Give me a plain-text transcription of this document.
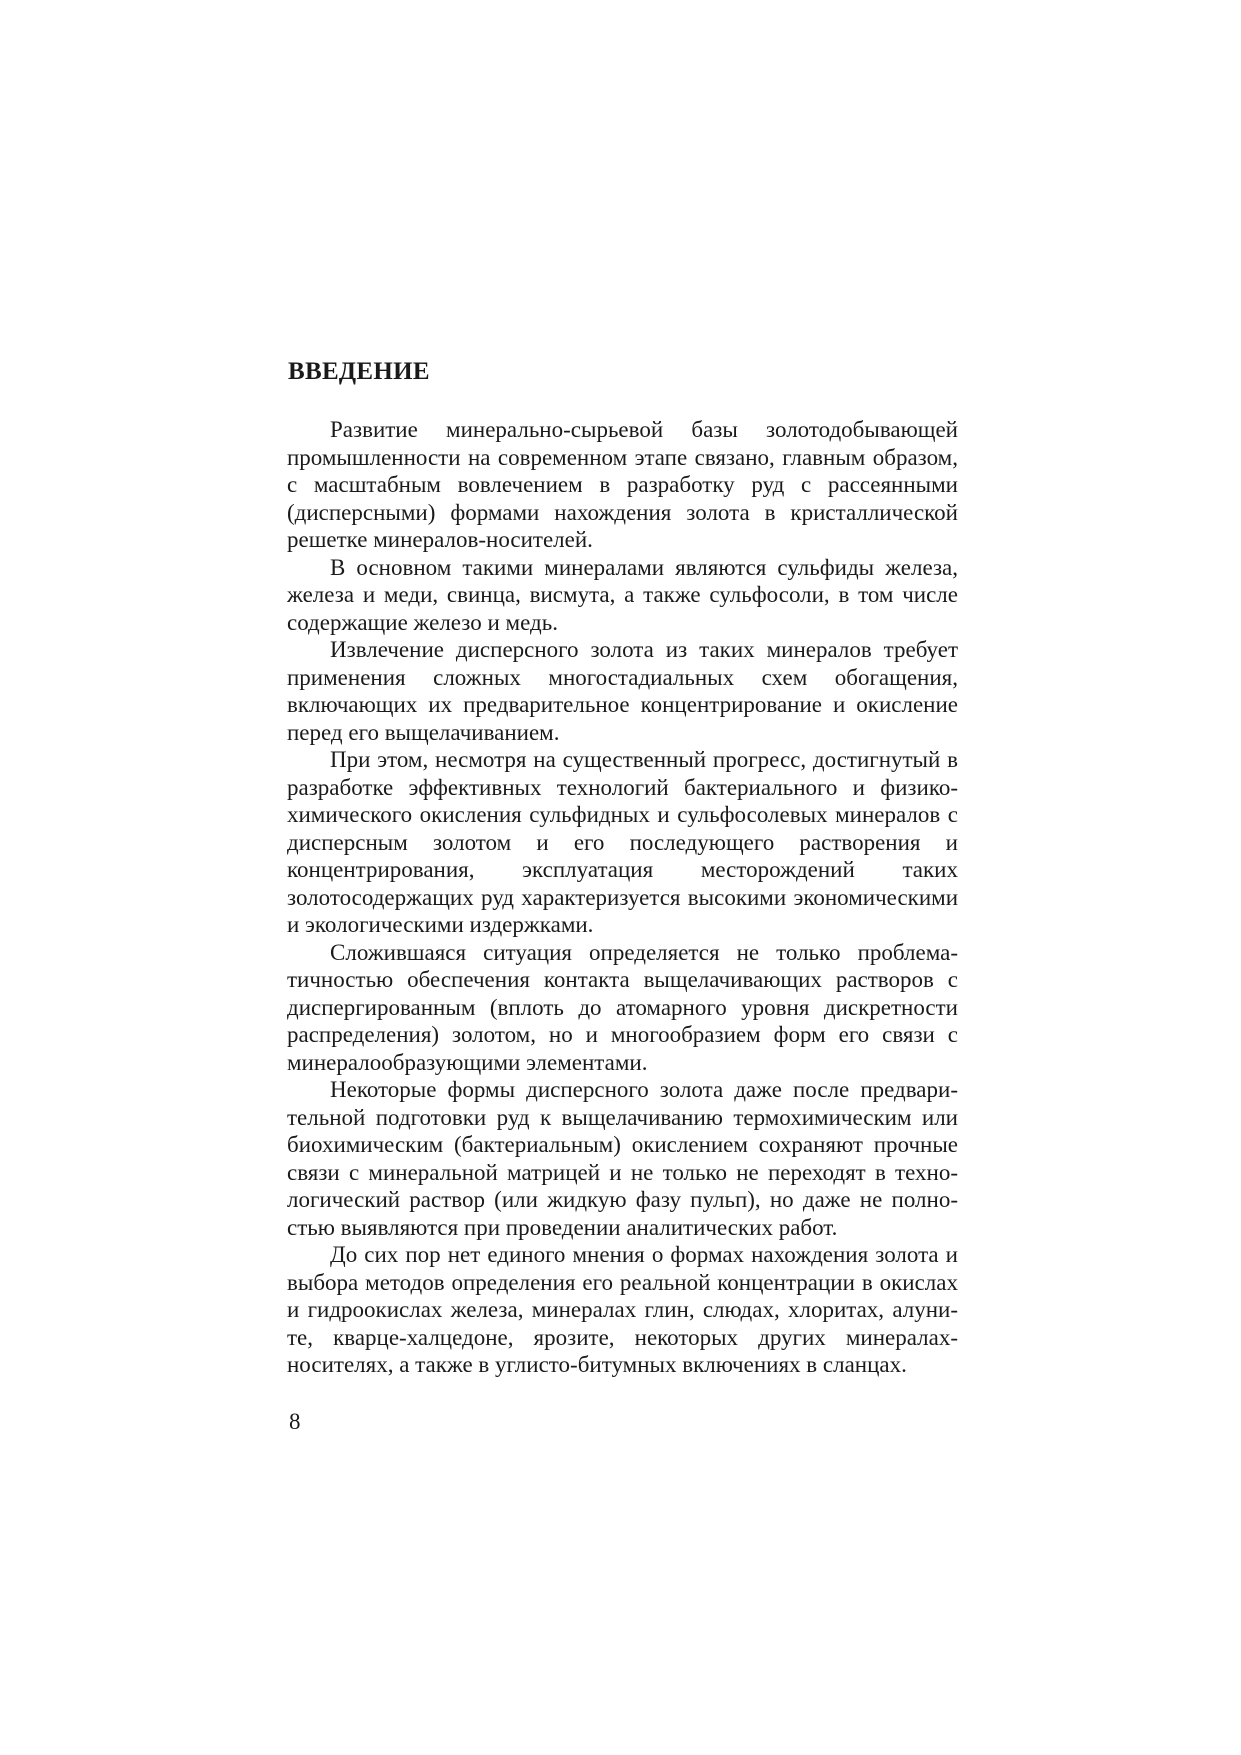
ВВЕДЕНИЕ

Развитие минерально-сырьевой базы золотодобывающей промышленности на современном этапе связано, главным образом, с масштабным вовлечением в разработку руд с рассеянными (дисперсными) формами нахождения золота в кристаллической решетке минералов-носителей.

В основном такими минералами являются сульфиды железа, железа и меди, свинца, висмута, а также сульфосоли, в том числе содержащие железо и медь.

Извлечение дисперсного золота из таких минералов требует применения сложных многостадиальных схем обогащения, включающих их предварительное концентрирование и окисление перед его выщелачиванием.

При этом, несмотря на существенный прогресс, достигнутый в разработке эффективных технологий бактериального и физико-химического окисления сульфидных и сульфосолевых минералов с дисперсным золотом и его последующего растворения и концентрирования, эксплуатация месторождений таких золотосодержащих руд характеризуется высокими экономическими и экологическими издержками.

Сложившаяся ситуация определяется не только проблематичностью обеспечения контакта выщелачивающих растворов с диспергированным (вплоть до атомарного уровня дискретности распределения) золотом, но и многообразием форм его связи с минералообразующими элементами.

Некоторые формы дисперсного золота даже после предварительной подготовки руд к выщелачиванию термохимическим или биохимическим (бактериальным) окислением сохраняют прочные связи с минеральной матрицей и не только не переходят в технологический раствор (или жидкую фазу пульп), но даже не полностью выявляются при проведении аналитических работ.

До сих пор нет единого мнения о формах нахождения золота и выбора методов определения его реальной концентрации в окислах и гидроокислах железа, минералах глин, слюдах, хлоритах, алуните, кварце-халцедоне, ярозите, некоторых других минералах-носителях, а также в углисто-битумных включениях в сланцах.

8
